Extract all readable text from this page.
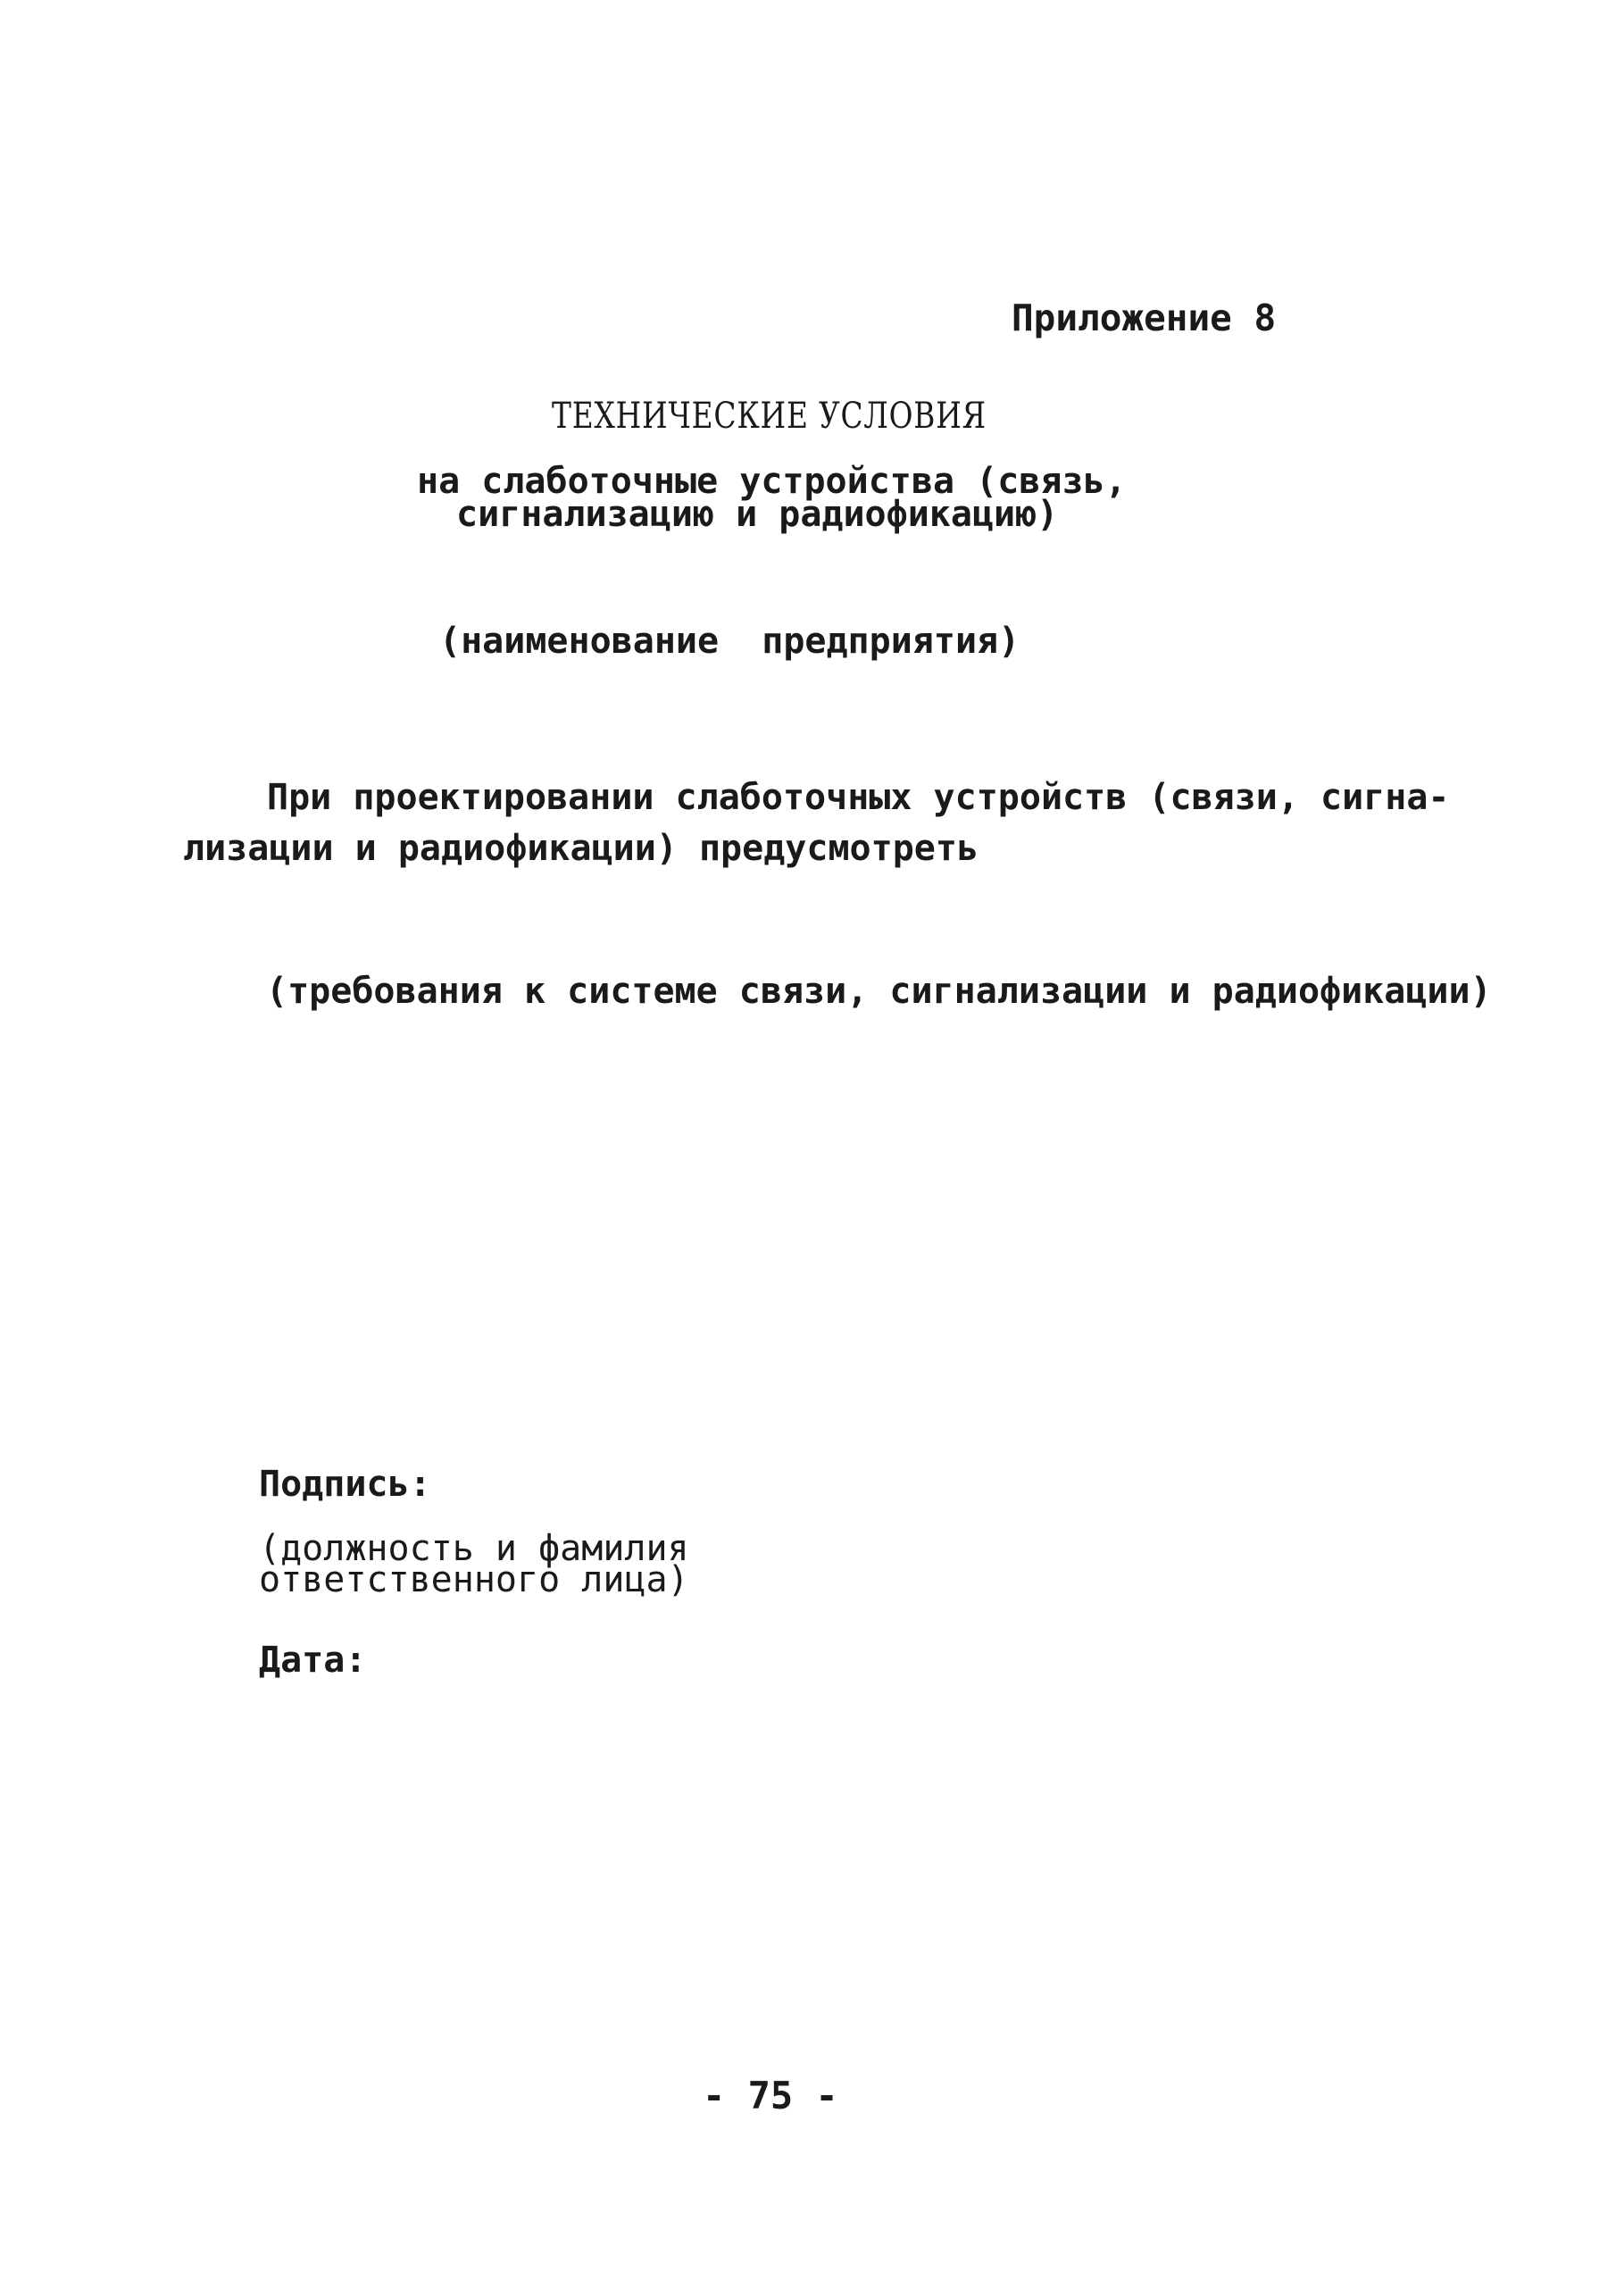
Приложение 8
ТЕХНИЧЕСКИЕ УСЛОВИЯ
на слаботочные устройства (связь,
сигнализацию и радиофикацию)
(наименование  предприятия)
При проектировании слаботочных устройств (связи, сигна-
лизации и радиофикации) предусмотреть
(требования к системе связи, сигнализации и радиофикации)
Подпись:
(должность и фамилия
ответственного лица)
Дата:
- 75 -
